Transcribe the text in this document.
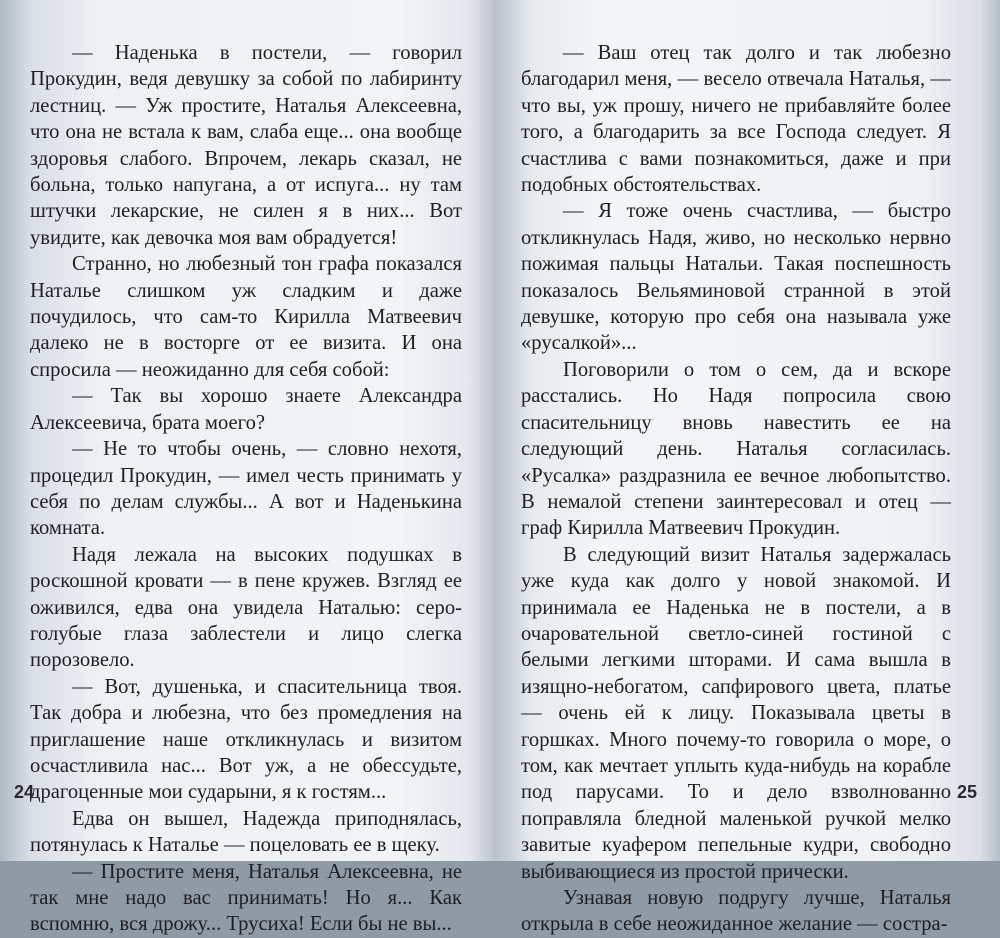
— Наденька в постели, — говорил Прокудин, ведя девушку за собой по лабиринту лестниц. — Уж простите, Наталья Алексеевна, что она не встала к вам, слаба еще... она вообще здоровья слабого. Впрочем, лекарь сказал, не больна, только напугана, а от испуга... ну там штучки лекарские, не силен я в них... Вот увидите, как девочка моя вам обрадуется!

Странно, но любезный тон графа показался Наталье слишком уж сладким и даже почудилось, что сам-то Кирилла Матвеевич далеко не в восторге от ее визита. И она спросила — неожиданно для себя собой:

— Так вы хорошо знаете Александра Алексеевича, брата моего?

— Не то чтобы очень, — словно нехотя, процедил Прокудин, — имел честь принимать у себя по делам службы... А вот и Наденькина комната.

Надя лежала на высоких подушках в роскошной кровати — в пене кружев. Взгляд ее оживился, едва она увидела Наталью: серо-голубые глаза заблестели и лицо слегка порозовело.

— Вот, душенька, и спасительница твоя. Так добра и любезна, что без промедления на приглашение наше откликнулась и визитом осчастливила нас... Вот уж, а не обессудьте, драгоценные мои сударыни, я к гостям...

Едва он вышел, Надежда приподнялась, потянулась к Наталье — поцеловать ее в щеку.

— Простите меня, Наталья Алексеевна, не так мне надо вас принимать! Но я... Как вспомню, вся дрожу... Трусиха! Если бы не вы...

24

— Ваш отец так долго и так любезно благодарил меня, — весело отвечала Наталья, — что вы, уж прошу, ничего не прибавляйте более того, а благодарить за все Господа следует. Я счастлива с вами познакомиться, даже и при подобных обстоятельствах.

— Я тоже очень счастлива, — быстро откликнулась Надя, живо, но несколько нервно пожимая пальцы Натальи. Такая поспешность показалось Вельяминовой странной в этой девушке, которую про себя она называла уже «русалкой»...

Поговорили о том о сем, да и вскоре расстались. Но Надя попросила свою спасительницу вновь навестить ее на следующий день. Наталья согласилась. «Русалка» раздразнила ее вечное любопытство. В немалой степени заинтересовал и отец — граф Кирилла Матвеевич Прокудин.

В следующий визит Наталья задержалась уже куда как долго у новой знакомой. И принимала ее Наденька не в постели, а в очаровательной светло-синей гостиной с белыми легкими шторами. И сама вышла в изящно-небогатом, сапфирового цвета, платье — очень ей к лицу. Показывала цветы в горшках. Много почему-то говорила о море, о том, как мечтает уплыть куда-нибудь на корабле под парусами. То и дело взволнованно поправляла бледной маленькой ручкой мелко завитые куафером пепельные кудри, свободно выбивающиеся из простой прически.

Узнавая новую подругу лучше, Наталья открыла в себе неожиданное желание — сострa-

25
